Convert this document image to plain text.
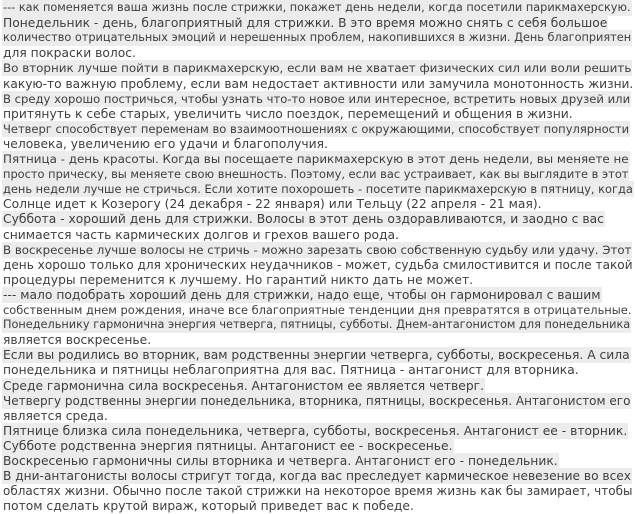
--- как поменяется ваша жизнь после стрижки, покажет день недели, когда посетили парикмахерскую.
Понедельник - день, благоприятный для стрижки. В это время можно снять с себя большое
количество отрицательных эмоций и нерешенных проблем, накопившихся в жизни. День благоприятен
для покраски волос.
Во вторник лучше пойти в парикмахерскую, если вам не хватает физических сил или воли решить
какую-то важную проблему, если вам недостает активности или замучила монотонность жизни.
В среду хорошо постричься, чтобы узнать что-то новое или интересное, встретить новых друзей или
притянуть к себе старых, увеличить число поездок, перемещений и общения в жизни.
Четверг способствует переменам во взаимоотношениях с окружающими, способствует популярности
человека, увеличению его удачи и благополучия.
Пятница - день красоты. Когда вы посещаете парикмахерскую в этот день недели, вы меняете не
просто прическу, вы меняете свою внешность. Поэтому, если вас устраивает, как вы выглядите в этот
день недели лучше не стричься. Если хотите похорошеть - посетите парикмахерскую в пятницу, когда
Солнце идет к Козерогу (24 декабря - 22 января) или Тельцу (22 апреля - 21 мая).
Суббота - хороший день для стрижки. Волосы в этот день оздоравливаются, и заодно с вас
снимается часть кармических долгов и грехов вашего рода.
В воскресенье лучше волосы не стричь - можно зарезать свою собственную судьбу или удачу. Этот
день хорошо только для хронических неудачников - может, судьба смилостивится и после такой
процедуры переменится к лучшему. Но гарантий никто дать не может.
--- мало подобрать хороший день для стрижки, надо еще, чтобы он гармонировал с вашим
собственным днем рождения, иначе все благоприятные тенденции дня превратятся в отрицательные.
Понедельнику гармонична энергия четверга, пятницы, субботы. Днем-антагонистом для понедельника
является воскресенье.
Если вы родились во вторник, вам родственны энергии четверга, субботы, воскресенья. А сила
понедельника и пятницы неблагоприятна для вас. Пятница - антагонист для вторника.
Среде гармонична сила воскресенья. Антагонистом ее является четверг.
Четвергу родственны энергии понедельника, вторника, пятницы, воскресенья. Антагонистом его
является среда.
Пятнице близка сила понедельника, четверга, субботы, воскресенья. Антагонист ее - вторник.
Субботе родственна энергия пятницы. Антагонист ее - воскресенье.
Воскресенью гармоничны силы вторника и четверга. Антагонист его - понедельник.
В дни-антагонисты волосы стригут тогда, когда вас преследует кармическое невезение во всех
областях жизни. Обычно после такой стрижки на некоторое время жизнь как бы замирает, чтобы
потом сделать крутой вираж, который приведет вас к победе.
